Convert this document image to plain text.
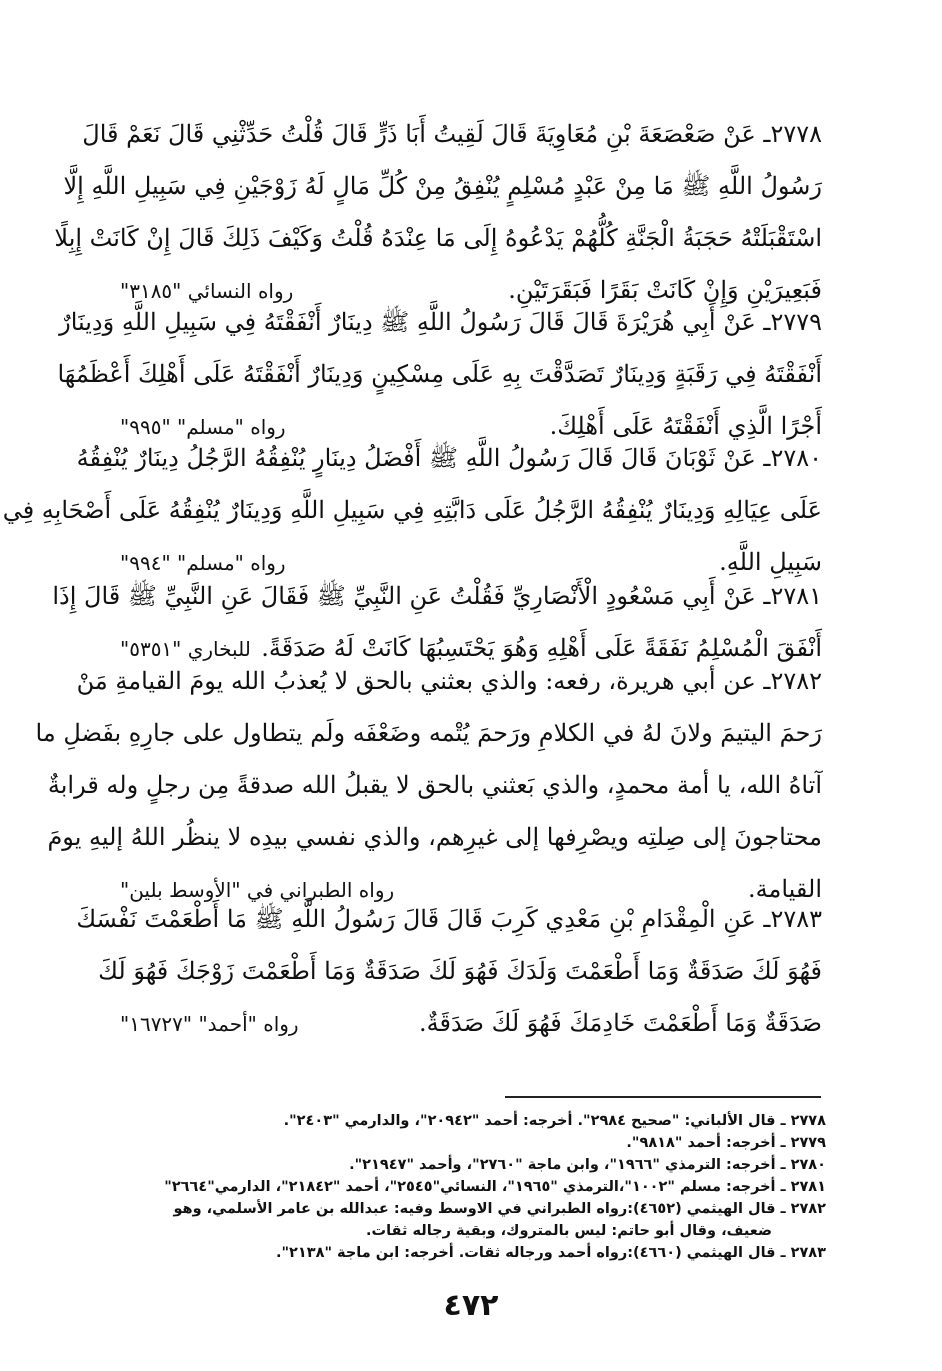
٢٧٧٨ـ عَنْ صَعْصَعَةَ بْنِ مُعَاوِيَةَ قَالَ لَقِيتُ أَبَا ذَرٍّ قَالَ قُلْتُ حَدِّثْنِي قَالَ نَعَمْ قَالَ
رَسُولُ اللَّهِ ﷺ مَا مِنْ عَبْدٍ مُسْلِمٍ يُنْفِقُ مِنْ كُلِّ مَالٍ لَهُ زَوْجَيْنِ فِي سَبِيلِ اللَّهِ إِلَّا
اسْتَقْبَلَتْهُ حَجَبَةُ الْجَنَّةِ كُلُّهُمْ يَدْعُوهُ إِلَى مَا عِنْدَهُ قُلْتُ وَكَيْفَ ذَلِكَ قَالَ إِنْ كَانَتْ إِبِلًا
فَبَعِيرَيْنِ وَإِنْ كَانَتْ بَقَرًا فَبَقَرَتَيْنِ.
رواه النسائي "٣١٨٥"
٢٧٧٩ـ عَنْ أَبِي هُرَيْرَةَ قَالَ قَالَ رَسُولُ اللَّهِ ﷺ دِينَارٌ أَنْفَقْتَهُ فِي سَبِيلِ اللَّهِ وَدِينَارٌ
أَنْفَقْتَهُ فِي رَقَبَةٍ وَدِينَارٌ تَصَدَّقْتَ بِهِ عَلَى مِسْكِينٍ وَدِينَارٌ أَنْفَقْتَهُ عَلَى أَهْلِكَ أَعْظَمُهَا
أَجْرًا الَّذِي أَنْفَقْتَهُ عَلَى أَهْلِكَ.
رواه "مسلم" "٩٩٥"
٢٧٨٠ـ عَنْ ثَوْبَانَ قَالَ قَالَ رَسُولُ اللَّهِ ﷺ أَفْضَلُ دِينَارٍ يُنْفِقُهُ الرَّجُلُ دِينَارٌ يُنْفِقُهُ
عَلَى عِيَالِهِ وَدِينَارٌ يُنْفِقُهُ الرَّجُلُ عَلَى دَابَّتِهِ فِي سَبِيلِ اللَّهِ وَدِينَارٌ يُنْفِقُهُ عَلَى أَصْحَابِهِ فِي
سَبِيلِ اللَّهِ.
رواه "مسلم" "٩٩٤"
٢٧٨١ـ عَنْ أَبِي مَسْعُودٍ الْأَنْصَارِيِّ فَقُلْتُ عَنِ النَّبِيِّ ﷺ فَقَالَ عَنِ النَّبِيِّ ﷺ قَالَ إِذَا
أَنْفَقَ الْمُسْلِمُ نَفَقَةً عَلَى أَهْلِهِ وَهُوَ يَحْتَسِبُهَا كَانَتْ لَهُ صَدَقَةً.
للبخاري "٥٣٥١"
٢٧٨٢ـ عن أبي هريرة، رفعه: والذي بعثني بالحق لا يُعذبُ الله يومَ القيامةِ مَنْ
رَحمَ اليتيمَ ولانَ لهُ في الكلامِ ورَحمَ يُتْمه وضَعْفَه ولَم يتطاول على جارِهِ بفَضلِ ما
آتاهُ الله، يا أمة محمدٍ، والذي بَعثني بالحق لا يقبلُ الله صدقةً مِن رجلٍ وله قرابةٌ
محتاجونَ إلى صِلتِه ويصْرِفها إلى غيرِهم، والذي نفسي بيدِه لا ينظُر اللهُ إليهِ يومَ
القيامة.
رواه الطبراني في "الأوسط بلين"
٢٧٨٣ـ عَنِ الْمِقْدَامِ بْنِ مَعْدِي كَرِبَ قَالَ قَالَ رَسُولُ اللَّهِ ﷺ مَا أَطْعَمْتَ نَفْسَكَ
فَهُوَ لَكَ صَدَقَةٌ وَمَا أَطْعَمْتَ وَلَدَكَ فَهُوَ لَكَ صَدَقَةٌ وَمَا أَطْعَمْتَ زَوْجَكَ فَهُوَ لَكَ
صَدَقَةٌ وَمَا أَطْعَمْتَ خَادِمَكَ فَهُوَ لَكَ صَدَقَةٌ.
رواه "أحمد" "١٦٧٢٧"
٢٧٧٨ ـ قال الألباني: "صحيح ٢٩٨٤". أخرجه: أحمد "٢٠٩٤٢"، والدارمي "٢٤٠٣".
٢٧٧٩ ـ أخرجه: أحمد "٩٨١٨".
٢٧٨٠ ـ أخرجه: الترمذي "١٩٦٦"، وابن ماجة "٢٧٦٠"، وأحمد "٢١٩٤٧".
٢٧٨١ ـ أخرجه: مسلم "١٠٠٢"،الترمذي "١٩٦٥"، النسائي"٢٥٤٥"، أحمد "٢١٨٤٢"، الدارمي"٢٦٦٤"
٢٧٨٢ ـ قال الهيثمي (٤٦٥٢):رواه الطبراني في الاوسط وفيه: عبدالله بن عامر الأسلمي، وهو
ضعيف، وقال أبو حاتم: ليس بالمتروك، وبقية رجاله ثقات.
٢٧٨٣ ـ قال الهيثمي (٤٦٦٠):رواه أحمد ورجاله ثقات. أخرجه: ابن ماجة "٢١٣٨".
٤٧٢
